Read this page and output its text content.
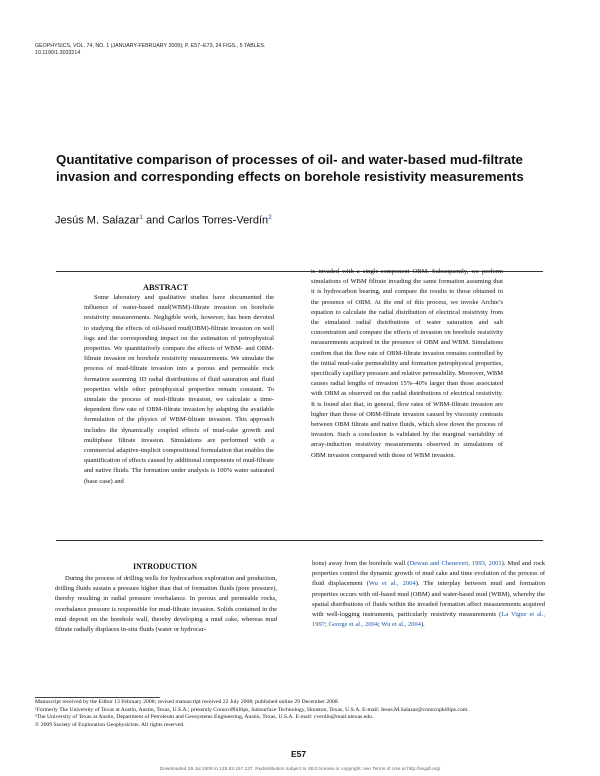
GEOPHYSICS, VOL. 74, NO. 1 (JANUARY-FEBRUARY 2009); P. E57–E73, 24 FIGS., 5 TABLES.
10.1190/1.3033214
Quantitative comparison of processes of oil- and water-based mud-filtrate invasion and corresponding effects on borehole resistivity measurements
Jesús M. Salazar$^1$ and Carlos Torres-Verdín$^2$
ABSTRACT

Some laboratory and qualitative studies have documented the influence of water-based mud(WBM)-filtrate invasion on borehole resistivity measurements. Negligible work, however, has been devoted to studying the effects of oil-based mud(OBM)-filtrate invasion on well logs and the corresponding impact on the estimation of petrophysical properties. We quantitatively compare the effects of WBM- and OBM-filtrate invasion on borehole resistivity measurements. We simulate the process of mud-filtrate invasion into a porous and permeable rock formation assuming 1D radial distributions of fluid saturation and fluid properties while other petrophysical properties remain constant. To simulate the process of mud-filtrate invasion, we calculate a time-dependent flow rate of OBM-filtrate invasion by adapting the available formulation of the physics of WBM-filtrate invasion. This approach includes the dynamically coupled effects of mud-cake growth and multiphase filtrate invasion. Simulations are performed with a commercial adaptive-implicit compositional formulation that enables the quantification of effects caused by additional components of mud-filtrate and native fluids. The formation under analysis is 100% water saturated (base case) and

is invaded with a single-component OBM. Subsequently, we perform simulations of WBM filtrate invading the same formation assuming that it is hydrocarbon bearing, and compare the results to those obtained in the presence of OBM. At the end of this process, we invoke Archie’s equation to calculate the radial distribution of electrical resistivity from the simulated radial distributions of water saturation and salt concentration and compare the effects of invasion on borehole resistivity measurements acquired in the presence of OBM and WBM. Simulations confirm that the flow rate of OBM-filtrate invasion remains controlled by the initial mud-cake permeability and formation petrophysical properties, specifically capillary pressure and relative permeability. Moreover, WBM causes radial lengths of invasion 15%–40% larger than those associated with OBM as observed on the radial distributions of electrical resistivity. It is found also that, in general, flow rates of WBM-filtrate invasion are higher than those of OBM-filtrate invasion caused by viscosity contrasts between OBM filtrate and native fluids, which slow down the process of invasion. Such a conclusion is validated by the marginal variability of array-induction resistivity measurements observed in simulations of OBM invasion compared with those of WBM invasion.

INTRODUCTION

During the process of drilling wells for hydrocarbon exploration and production, drilling fluids sustain a pressure higher than that of formation fluids (pore pressure), thereby resulting in radial pressure overbalance. In porous and permeable rocks, overbalance pressure is responsible for mud-filtrate invasion. Solids contained in the mud deposit on the borehole wall, thereby developing a mud cake, whereas mud filtrate radially displaces in-situ fluids (water or hydrocar-

bons) away from the borehole wall (Dewan and Chenevert, 1993, 2001). Mud and rock properties control the dynamic growth of mud cake and time evolution of the process of fluid displacement (Wu et al., 2004). The interplay between mud and formation properties occurs with oil-based mud (OBM) and water-based mud (WBM), whereby the spatial distributions of fluids within the invaded formation affect measurements acquired with well-logging instruments, particularly resistivity measurements (La Vigne et al., 1997; George et al., 2004; Wu et al., 2004).

Manuscript received by the Editor 13 February 2008; revised manuscript received 22 July 2008; published online 29 December 2008.

¹Formerly The University of Texas at Austin, Austin, Texas, U.S.A.; presently ConocoPhillips, Subsurface Technology, Houston, Texas, U.S.A. E-mail: Jesus.M.Salazar@conocophillips.com.

²The University of Texas at Austin, Department of Petroleum and Geosystems Engineering, Austin, Texas, U.S.A. E-mail: cverdin@mail.utexas.edu.

© 2009 Society of Exploration Geophysicists. All rights reserved.

E57
Downloaded 29 Jul 2009 to 128.83.157.137. Redistribution subject to SEG license or copyright; see Terms of Use at http://segdl.org/
